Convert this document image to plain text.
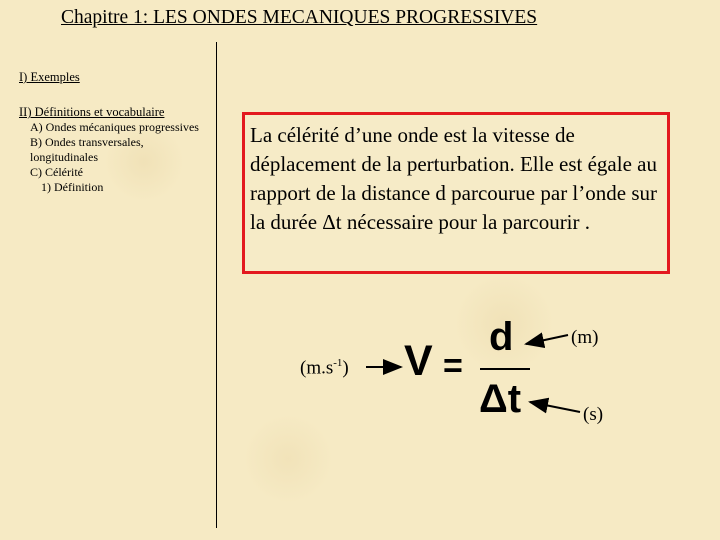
Chapitre 1: LES ONDES MECANIQUES PROGRESSIVES
I) Exemples
II) Définitions et vocabulaire
A) Ondes mécaniques progressives
B) Ondes transversales, longitudinales
C) Célérité
1) Définition
La célérité d’une onde est la vitesse de déplacement de la perturbation. Elle est égale au rapport de la distance d parcourue par l’onde sur la durée Δt nécessaire pour la parcourir .
$(m.s^{-1}) V$ =
d
Δt
(m)
(s)
